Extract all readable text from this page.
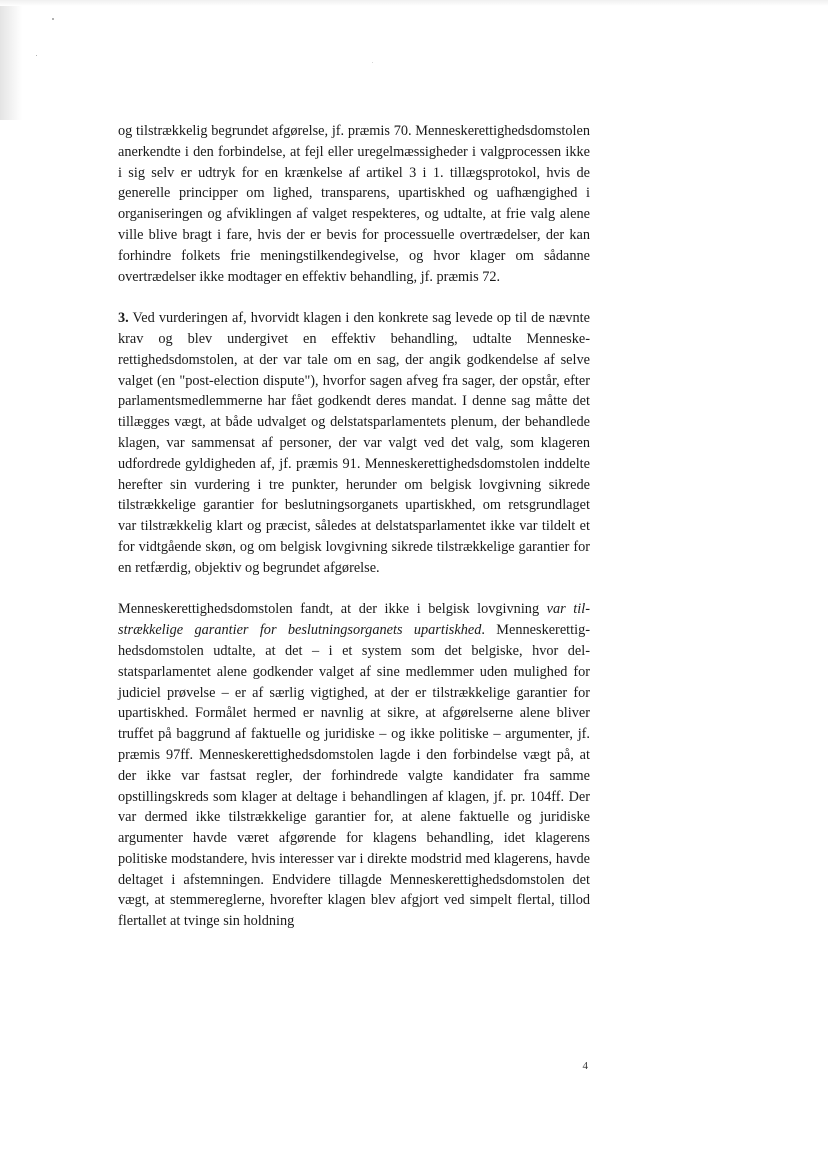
og tilstrækkelig begrundet afgørelse, jf. præmis 70. Menneskerettighedsdomstolen anerkendte i den forbindelse, at fejl eller uregelmæssigheder i valgprocessen ikke i sig selv er udtryk for en krænkelse af artikel 3 i 1. tillægsprotokol, hvis de generelle principper om lighed, transparens, upartiskhed og uafhængighed i organiseringen og afviklingen af valget respekteres, og udtalte, at frie valg alene ville blive bragt i fare, hvis der er bevis for processuelle overtrædelser, der kan forhindre folkets frie meningstilkendegivelse, og hvor klager om sådanne overtrædelser ikke modtager en effektiv behandling, jf. præmis 72.

3. Ved vurderingen af, hvorvidt klagen i den konkrete sag levede op til de nævnte krav og blev undergivet en effektiv behandling, udtalte Menneskerettighedsdomstolen, at der var tale om en sag, der angik godkendelse af selve valget (en "post-election dispute"), hvorfor sagen afveg fra sager, der opstår, efter parlamentsmedlemmerne har fået godkendt deres mandat. I denne sag måtte det tillægges vægt, at både udvalget og delstatsparlamentets plenum, der behandlede klagen, var sammensat af personer, der var valgt ved det valg, som klageren udfordrede gyldigheden af, jf. præmis 91. Menneskerettighedsdomstolen inddelte herefter sin vurdering i tre punkter, herunder om belgisk lovgivning sikrede tilstrækkelige garantier for beslutningsorganets upartiskhed, om retsgrundlaget var tilstrækkelig klart og præcist, således at delstatsparlamentet ikke var tildelt et for vidtgående skøn, og om belgisk lovgivning sikrede tilstrækkelige garantier for en retfærdig, objektiv og begrundet afgørelse.

Menneskerettighedsdomstolen fandt, at der ikke i belgisk lovgivning var tilstrækkelige garantier for beslutningsorganets upartiskhed. Menneskerettighedsdomstolen udtalte, at det – i et system som det belgiske, hvor delstatsparlamentet alene godkender valget af sine medlemmer uden mulighed for judiciel prøvelse – er af særlig vigtighed, at der er tilstrækkelige garantier for upartiskhed. Formålet hermed er navnlig at sikre, at afgørelserne alene bliver truffet på baggrund af faktuelle og juridiske – og ikke politiske – argumenter, jf. præmis 97ff. Menneskerettighedsdomstolen lagde i den forbindelse vægt på, at der ikke var fastsat regler, der forhindrede valgte kandidater fra samme opstillingskreds som klager at deltage i behandlingen af klagen, jf. pr. 104ff. Der var dermed ikke tilstrækkelige garantier for, at alene faktuelle og juridiske argumenter havde været afgørende for klagens behandling, idet klagerens politiske modstandere, hvis interesser var i direkte modstrid med klagerens, havde deltaget i afstemningen. Endvidere tillagde Menneskerettighedsdomstolen det vægt, at stemmereglerne, hvorefter klagen blev afgjort ved simpelt flertal, tillod flertallet at tvinge sin holdning

4
